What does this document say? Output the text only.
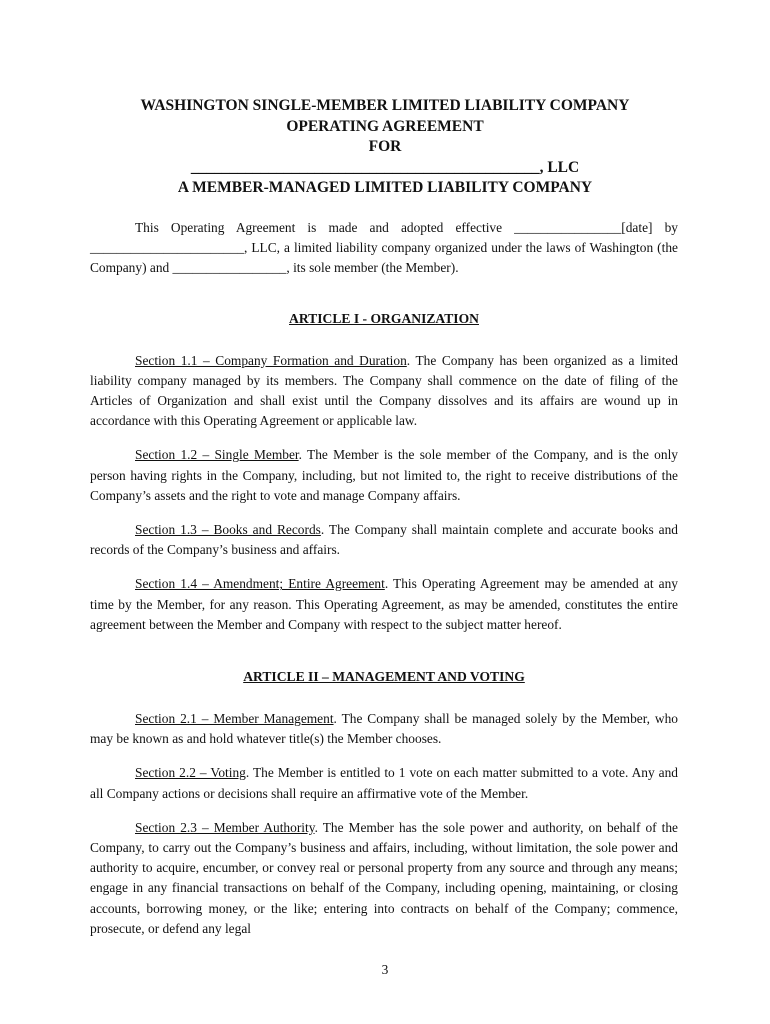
WASHINGTON SINGLE-MEMBER LIMITED LIABILITY COMPANY
OPERATING AGREEMENT
FOR
_____________________________________________, LLC
A MEMBER-MANAGED LIMITED LIABILITY COMPANY

This Operating Agreement is made and adopted effective ________________[date] by _______________________, LLC, a limited liability company organized under the laws of Washington (the Company) and _________________, its sole member (the Member).

ARTICLE I - ORGANIZATION

Section 1.1 – Company Formation and Duration. The Company has been organized as a limited liability company managed by its members. The Company shall commence on the date of filing of the Articles of Organization and shall exist until the Company dissolves and its affairs are wound up in accordance with this Operating Agreement or applicable law.

Section 1.2 – Single Member. The Member is the sole member of the Company, and is the only person having rights in the Company, including, but not limited to, the right to receive distributions of the Company’s assets and the right to vote and manage Company affairs.

Section 1.3 – Books and Records. The Company shall maintain complete and accurate books and records of the Company’s business and affairs.

Section 1.4 – Amendment; Entire Agreement. This Operating Agreement may be amended at any time by the Member, for any reason. This Operating Agreement, as may be amended, constitutes the entire agreement between the Member and Company with respect to the subject matter hereof.

ARTICLE II – MANAGEMENT AND VOTING

Section 2.1 – Member Management. The Company shall be managed solely by the Member, who may be known as and hold whatever title(s) the Member chooses.

Section 2.2 – Voting. The Member is entitled to 1 vote on each matter submitted to a vote. Any and all Company actions or decisions shall require an affirmative vote of the Member.

Section 2.3 – Member Authority. The Member has the sole power and authority, on behalf of the Company, to carry out the Company’s business and affairs, including, without limitation, the sole power and authority to acquire, encumber, or convey real or personal property from any source and through any means; engage in any financial transactions on behalf of the Company, including opening, maintaining, or closing accounts, borrowing money, or the like; entering into contracts on behalf of the Company; commence, prosecute, or defend any legal

3
